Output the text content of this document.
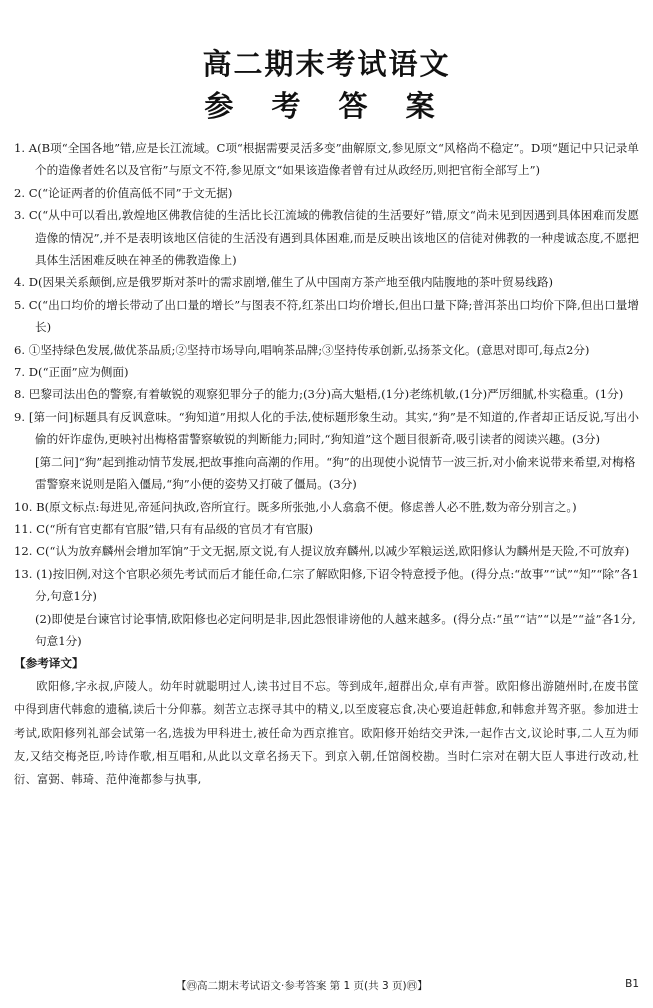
高二期末考试语文
参 考 答 案
1. A(B项“全国各地”错,应是长江流域。C项“根据需要灵活多变”曲解原文,参见原文“风格尚不稳定”。D项“题记中只记录单个的造像者姓名以及官衔”与原文不符,参见原文“如果该造像者曾有过从政经历,则把官衔全部写上”)
2. C(“论证两者的价值高低不同”于文无据)
3. C(“从中可以看出,敦煌地区佛教信徒的生活比长江流域的佛教信徒的生活要好”错,原文“尚未见到因遇到具体困难而发愿造像的情况”,并不是表明该地区信徒的生活没有遇到具体困难,而是反映出该地区的信徒对佛教的一种虔诚态度,不愿把具体生活困难反映在神圣的佛教造像上)
4. D(因果关系颠倒,应是俄罗斯对茶叶的需求剧增,催生了从中国南方茶产地至俄内陆腹地的茶叶贸易线路)
5. C(“出口均价的增长带动了出口量的增长”与图表不符,红茶出口均价增长,但出口量下降;普洱茶出口均价下降,但出口量增长)
6. ①坚持绿色发展,做优茶品质;②坚持市场导向,唱响茶品牌;③坚持传承创新,弘扬茶文化。(意思对即可,每点2分)
7. D(“正面”应为侧面)
8. 巴黎司法出色的警察,有着敏锐的观察犯罪分子的能力;(3分)高大魁梧,(1分)老练机敏,(1分)严厉细腻,朴实稳重。(1分)
9. [第一问]标题具有反讽意味。“狗知道”用拟人化的手法,使标题形象生动。其实,“狗”是不知道的,作者却正话反说,写出小偷的奸诈虚伪,更映衬出梅格雷警察敏锐的判断能力;同时,“狗知道”这个题目很新奇,吸引读者的阅读兴趣。(3分)
[第二问]“狗”起到推动情节发展,把故事推向高潮的作用。“狗”的出现使小说情节一波三折,对小偷来说带来希望,对梅格雷警察来说则是陷入僵局,“狗”小便的姿势又打破了僵局。(3分)
10. B(原文标点:每进见,帝延问执政,咨所宜行。既多所张弛,小人翕翕不便。修虑善人必不胜,数为帝分别言之。)
11. C(“所有官吏都有官服”错,只有有品级的官员才有官服)
12. C(“认为放弃麟州会增加军饷”于文无据,原文说,有人提议放弃麟州,以减少军粮运送,欧阳修认为麟州是天险,不可放弃)
13. (1)按旧例,对这个官职必须先考试而后才能任命,仁宗了解欧阳修,下诏令特意授予他。(得分点:“故事”“试”“知”“除”各1分,句意1分)
(2)即使是台谏官讨论事情,欧阳修也必定问明是非,因此怨恨诽谤他的人越来越多。(得分点:“虽”“诘”“以是”“益”各1分,句意1分)
【参考译文】
欧阳修,字永叔,庐陵人。幼年时就聪明过人,读书过目不忘。等到成年,超群出众,卓有声誉。欧阳修出游随州时,在废书筐中得到唐代韩愈的遗稿,读后十分仰慕。刻苦立志探寻其中的精义,以至废寝忘食,决心要追赶韩愈,和韩愈并驾齐驱。参加进士考试,欧阳修列礼部会试第一名,选拔为甲科进士,被任命为西京推官。欧阳修开始结交尹洙,一起作古文,议论时事,二人互为师友,又结交梅尧臣,吟诗作歌,相互唱和,从此以文章名扬天下。到京入朝,任馆阁校勘。当时仁宗对在朝大臣人事进行改动,杜衍、富弼、韩琦、范仲淹都参与执事,
【㊃高二期末考试语文·参考答案 第 1 页(共 3 页)㊃】	B1
